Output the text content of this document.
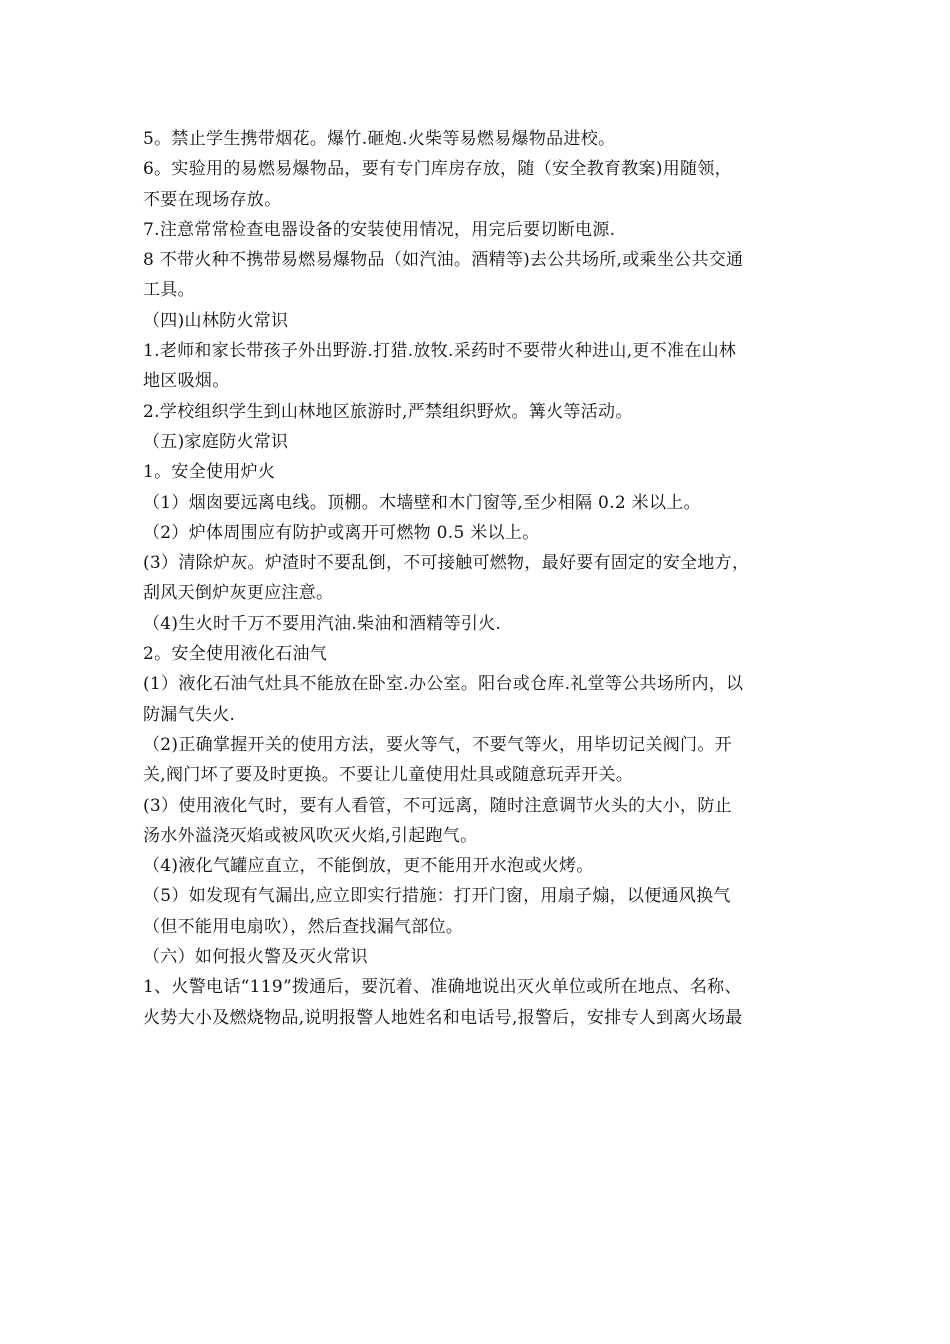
5。禁止学生携带烟花。爆竹.砸炮.火柴等易燃易爆物品进校。
6。实验用的易燃易爆物品，要有专门库房存放，随（安全教育教案)用随领，
不要在现场存放。
7.注意常常检查电器设备的安装使用情况，用完后要切断电源.
8 不带火种不携带易燃易爆物品（如汽油。酒精等)去公共场所,或乘坐公共交通
工具。
（四)山林防火常识
1.老师和家长带孩子外出野游.打猎.放牧.采药时不要带火种进山,更不准在山林
地区吸烟。
2.学校组织学生到山林地区旅游时,严禁组织野炊。篝火等活动。
（五)家庭防火常识
1。安全使用炉火
（1）烟囱要远离电线。顶棚。木墙壁和木门窗等,至少相隔 0.2 米以上。
（2）炉体周围应有防护或离开可燃物 0.5 米以上。
(3）清除炉灰。炉渣时不要乱倒，不可接触可燃物，最好要有固定的安全地方，
刮风天倒炉灰更应注意。
（4)生火时千万不要用汽油.柴油和酒精等引火.
2。安全使用液化石油气
(1）液化石油气灶具不能放在卧室.办公室。阳台或仓库.礼堂等公共场所内，以
防漏气失火.
（2)正确掌握开关的使用方法，要火等气，不要气等火，用毕切记关阀门。开
关,阀门坏了要及时更换。不要让儿童使用灶具或随意玩弄开关。
(3）使用液化气时，要有人看管，不可远离，随时注意调节火头的大小，防止
汤水外溢浇灭焰或被风吹灭火焰,引起跑气。
（4)液化气罐应直立，不能倒放，更不能用开水泡或火烤。
（5）如发现有气漏出,应立即实行措施：打开门窗，用扇子煽，以便通风换气
（但不能用电扇吹），然后查找漏气部位。
（六）如何报火警及灭火常识
1、火警电话“119”拨通后，要沉着、准确地说出灭火单位或所在地点、名称、
火势大小及燃烧物品,说明报警人地姓名和电话号,报警后，安排专人到离火场最
